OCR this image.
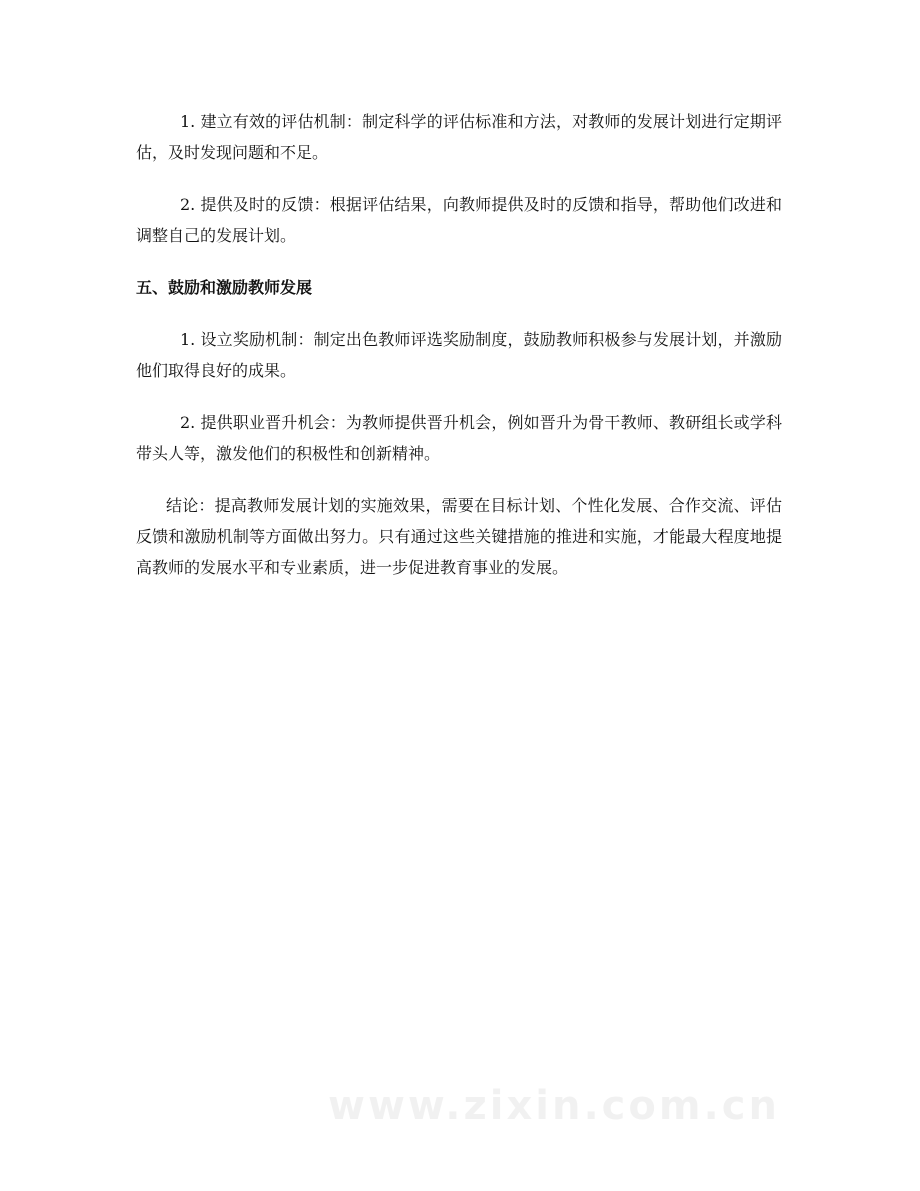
1. 建立有效的评估机制：制定科学的评估标准和方法，对教师的发展计划进行定期评估，及时发现问题和不足。

2. 提供及时的反馈：根据评估结果，向教师提供及时的反馈和指导，帮助他们改进和调整自己的发展计划。

五、鼓励和激励教师发展

1. 设立奖励机制：制定出色教师评选奖励制度，鼓励教师积极参与发展计划，并激励他们取得良好的成果。

2. 提供职业晋升机会：为教师提供晋升机会，例如晋升为骨干教师、教研组长或学科带头人等，激发他们的积极性和创新精神。

结论：提高教师发展计划的实施效果，需要在目标计划、个性化发展、合作交流、评估反馈和激励机制等方面做出努力。只有通过这些关键措施的推进和实施，才能最大程度地提高教师的发展水平和专业素质，进一步促进教育事业的发展。

www.zixin.com.cn
